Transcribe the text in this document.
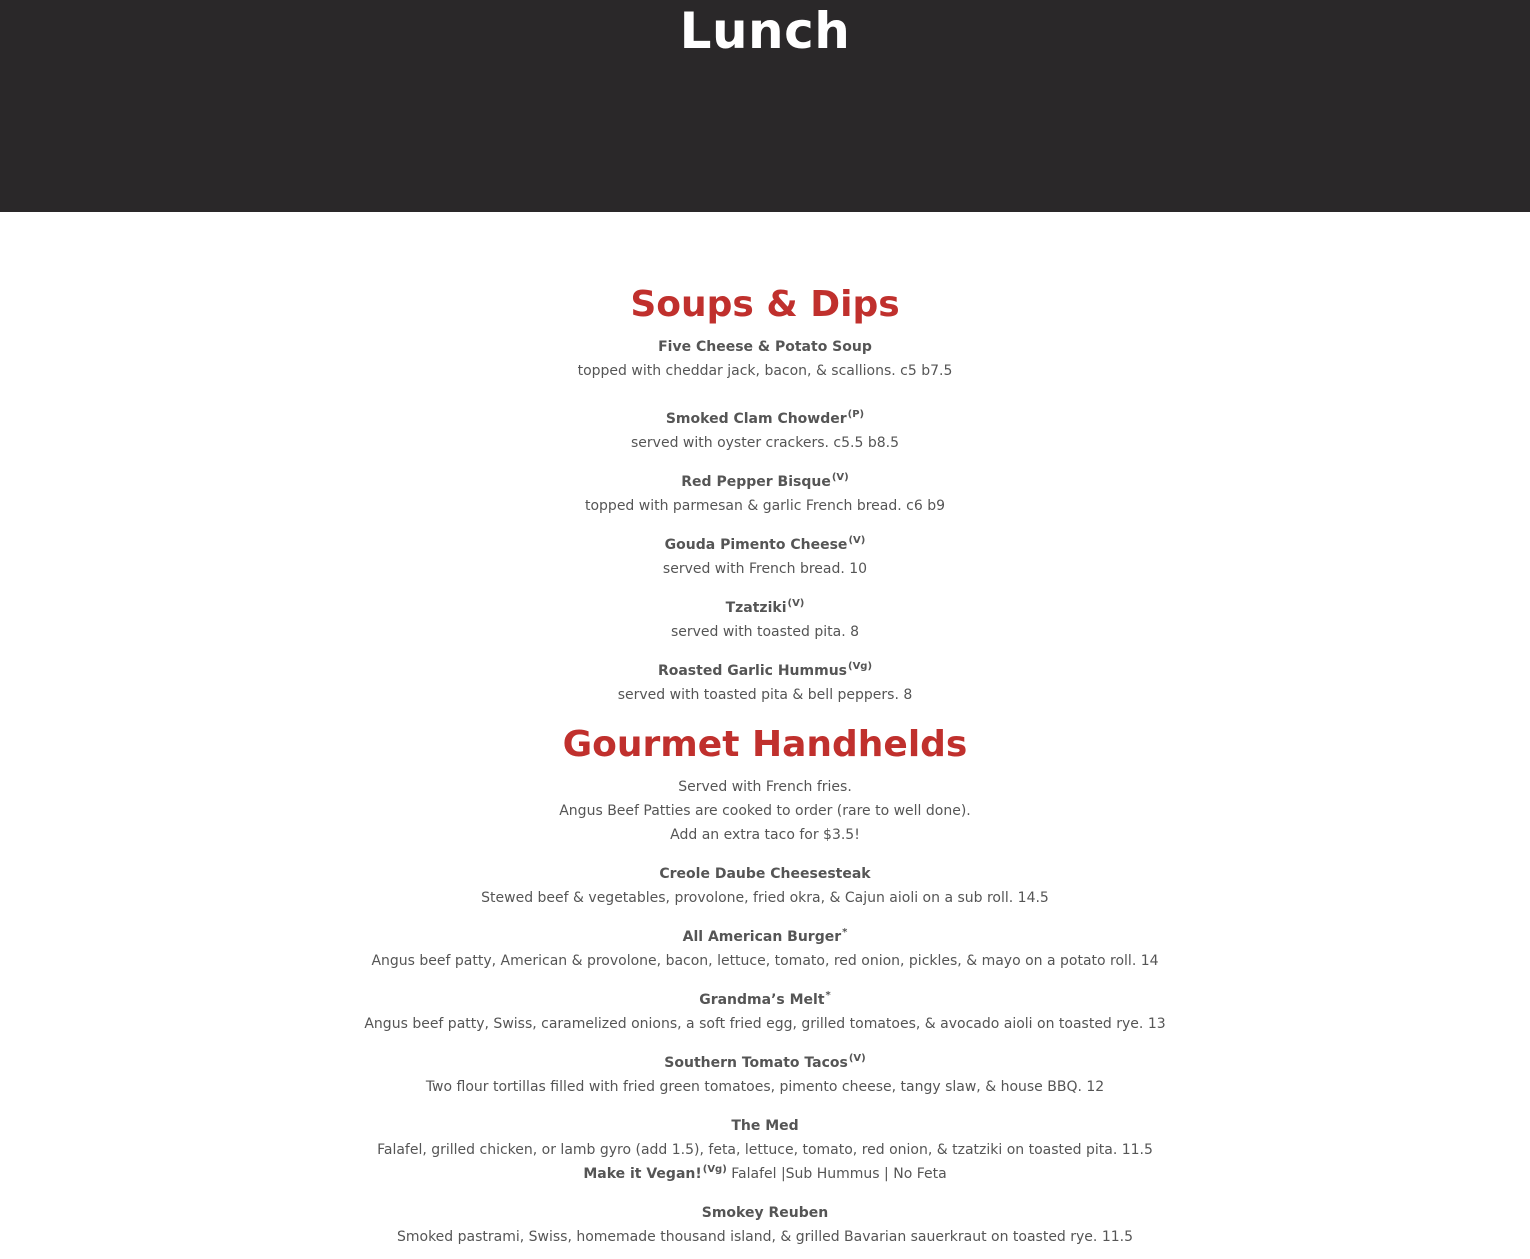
Lunch
Soups & Dips
Five Cheese & Potato Soup
topped with cheddar jack, bacon, & scallions. c5 b7.5
Smoked Clam Chowder$^{(P)}$
served with oyster crackers. c5.5 b8.5
Red Pepper Bisque$^{(V)}$
topped with parmesan & garlic French bread. c6 b9
Gouda Pimento Cheese$^{(V)}$
served with French bread. 10
Tzatziki$^{(V)}$
served with toasted pita. 8
Roasted Garlic Hummus$^{(Vg)}$
served with toasted pita & bell peppers. 8
Gourmet Handhelds
Served with French fries.
Angus Beef Patties are cooked to order (rare to well done).
Add an extra taco for $3.5!
Creole Daube Cheesesteak
Stewed beef & vegetables, provolone, fried okra, & Cajun aioli on a sub roll. 14.5
All American Burger*
Angus beef patty, American & provolone, bacon, lettuce, tomato, red onion, pickles, & mayo on a potato roll. 14
Grandma’s Melt*
Angus beef patty, Swiss, caramelized onions, a soft fried egg, grilled tomatoes, & avocado aioli on toasted rye. 13
Southern Tomato Tacos$^{(V)}$
Two flour tortillas filled with fried green tomatoes, pimento cheese, tangy slaw, & house BBQ. 12
The Med
Falafel, grilled chicken, or lamb gyro (add 1.5), feta, lettuce, tomato, red onion, & tzatziki on toasted pita. 11.5
Make it Vegan!$^{(Vg)}$ Falafel |Sub Hummus | No Feta
Smokey Reuben
Smoked pastrami, Swiss, homemade thousand island, & grilled Bavarian sauerkraut on toasted rye. 11.5
